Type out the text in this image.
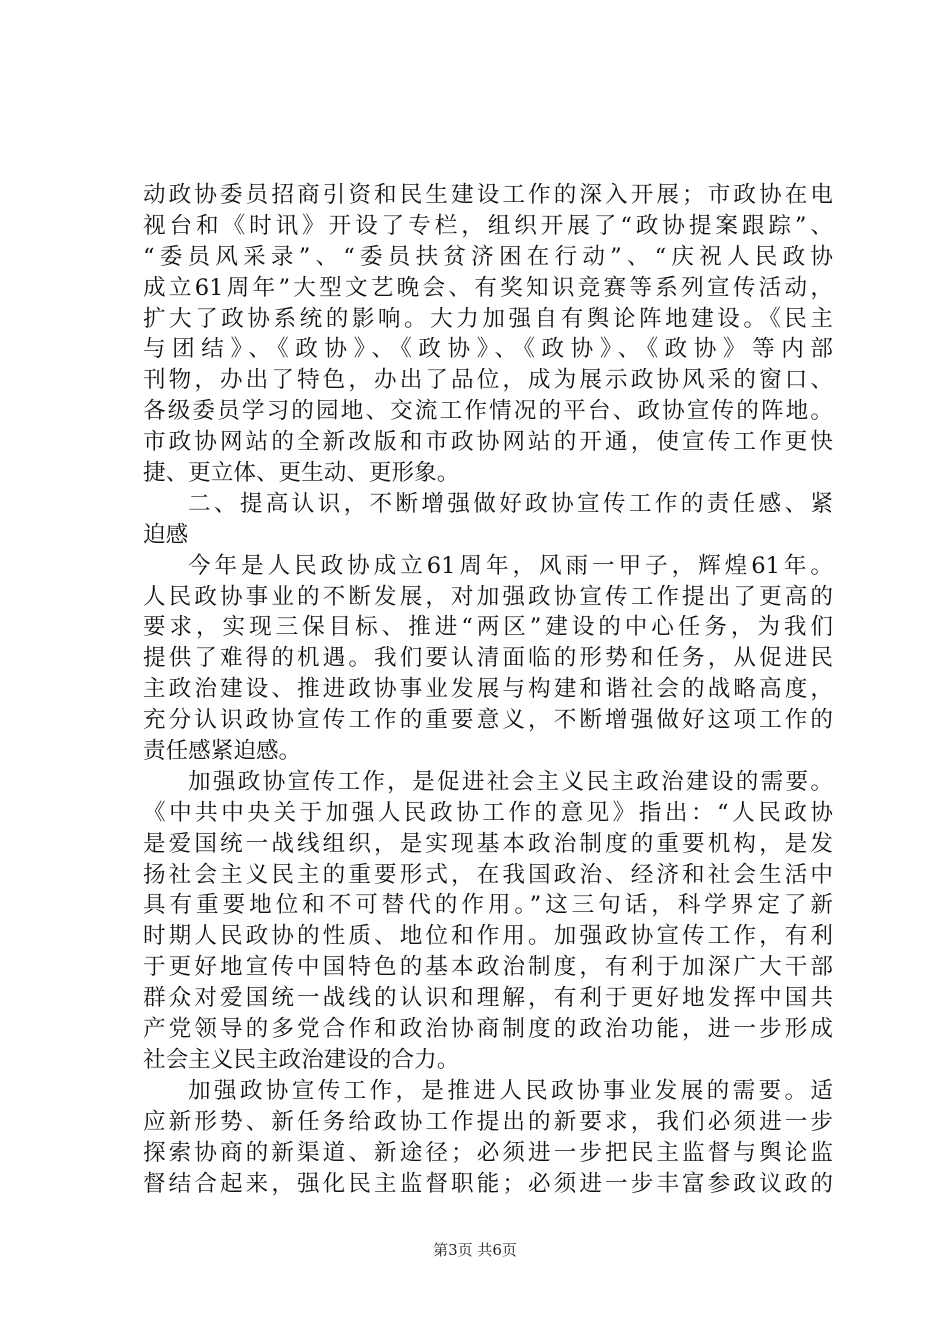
动政协委员招商引资和民生建设工作的深入开展；市政协在电
视台和《时讯》开设了专栏，组织开展了“政协提案跟踪”、
“委员风采录”、“委员扶贫济困在行动”、“庆祝人民政协
成立61周年”大型文艺晚会、有奖知识竞赛等系列宣传活动，
扩大了政协系统的影响。大力加强自有舆论阵地建设。《民主
与团结》、《政协》、《政协》、《政协》、《政协》等内部
刊物，办出了特色，办出了品位，成为展示政协风采的窗口、
各级委员学习的园地、交流工作情况的平台、政协宣传的阵地。
市政协网站的全新改版和市政协网站的开通，使宣传工作更快
捷、更立体、更生动、更形象。
二、提高认识，不断增强做好政协宣传工作的责任感、紧
迫感
今年是人民政协成立61周年，风雨一甲子，辉煌61年。
人民政协事业的不断发展，对加强政协宣传工作提出了更高的
要求，实现三保目标、推进“两区”建设的中心任务，为我们
提供了难得的机遇。我们要认清面临的形势和任务，从促进民
主政治建设、推进政协事业发展与构建和谐社会的战略高度，
充分认识政协宣传工作的重要意义，不断增强做好这项工作的
责任感紧迫感。
加强政协宣传工作，是促进社会主义民主政治建设的需要。
《中共中央关于加强人民政协工作的意见》指出：“人民政协
是爱国统一战线组织，是实现基本政治制度的重要机构，是发
扬社会主义民主的重要形式，在我国政治、经济和社会生活中
具有重要地位和不可替代的作用。”这三句话，科学界定了新
时期人民政协的性质、地位和作用。加强政协宣传工作，有利
于更好地宣传中国特色的基本政治制度，有利于加深广大干部
群众对爱国统一战线的认识和理解，有利于更好地发挥中国共
产党领导的多党合作和政治协商制度的政治功能，进一步形成
社会主义民主政治建设的合力。
加强政协宣传工作，是推进人民政协事业发展的需要。适
应新形势、新任务给政协工作提出的新要求，我们必须进一步
探索协商的新渠道、新途径；必须进一步把民主监督与舆论监
督结合起来，强化民主监督职能；必须进一步丰富参政议政的
第3页 共6页
